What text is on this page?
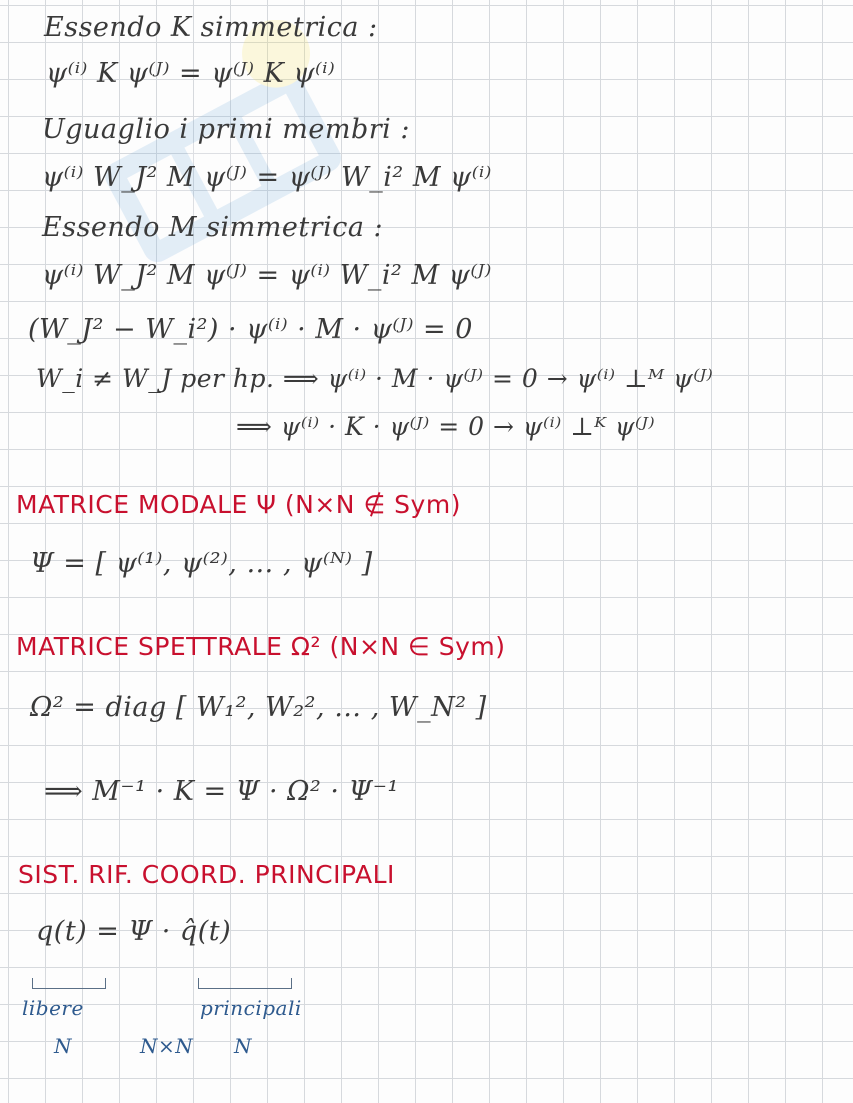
Essendo K simmetrica :
ψ⁽ⁱ⁾ K ψ⁽ᴶ⁾ = ψ⁽ᴶ⁾ K ψ⁽ⁱ⁾
Uguaglio i primi membri :
ψ⁽ⁱ⁾ W_J² M ψ⁽ᴶ⁾ = ψ⁽ᴶ⁾ W_i² M ψ⁽ⁱ⁾
Essendo M simmetrica :
ψ⁽ⁱ⁾ W_J² M ψ⁽ᴶ⁾ = ψ⁽ⁱ⁾ W_i² M ψ⁽ᴶ⁾
(W_J² − W_i²) · ψ⁽ⁱ⁾ · M · ψ⁽ᴶ⁾ = 0
W_i ≠ W_J per hp. ⟹ ψ⁽ⁱ⁾ · M · ψ⁽ᴶ⁾ = 0 → ψ⁽ⁱ⁾ ⊥ᴹ ψ⁽ᴶ⁾
⟹ ψ⁽ⁱ⁾ · K · ψ⁽ᴶ⁾ = 0 → ψ⁽ⁱ⁾ ⊥ᴷ ψ⁽ᴶ⁾
MATRICE MODALE Ψ (N×N ∉ Sym)
Ψ = [ ψ⁽¹⁾, ψ⁽²⁾, … , ψ⁽ᴺ⁾ ]
MATRICE SPETTRALE Ω² (N×N ∈ Sym)
Ω² = diag [ W₁², W₂², … , W_N² ]
⟹ M⁻¹ · K = Ψ · Ω² · Ψ⁻¹
SIST. RIF. COORD. PRINCIPALI
q(t) = Ψ · q̂(t)
libere	principali
N	N×N N
